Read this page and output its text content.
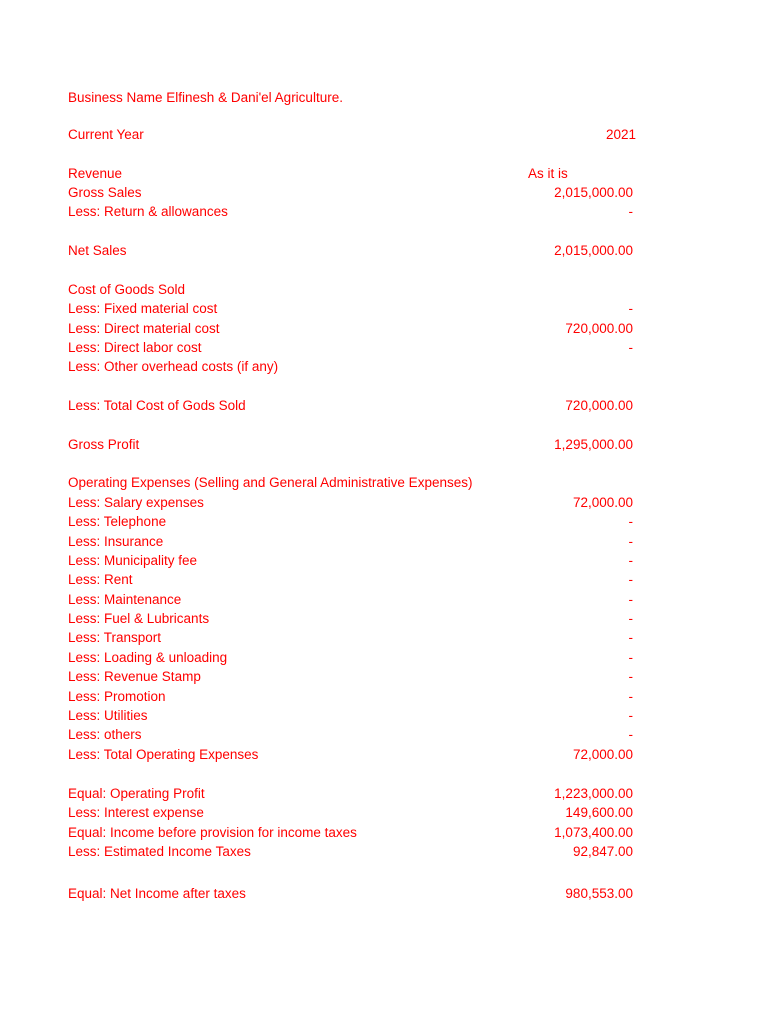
Business Name Elfinesh & Dani'el Agriculture.
Current Year	2021
Revenue	As it is
Gross Sales	2,015,000.00
Less: Return & allowances	-
Net Sales	2,015,000.00
Cost of Goods Sold
Less: Fixed material cost	-
Less: Direct material cost	720,000.00
Less: Direct labor cost	-
Less: Other overhead costs (if any)
Less: Total Cost of Gods Sold	720,000.00
Gross Profit	1,295,000.00
Operating Expenses (Selling and General Administrative Expenses)
Less: Salary expenses	72,000.00
Less: Telephone	-
Less: Insurance	-
Less: Municipality fee	-
Less: Rent	-
Less: Maintenance	-
Less: Fuel & Lubricants	-
Less: Transport	-
Less: Loading & unloading	-
Less: Revenue Stamp	-
Less: Promotion	-
Less: Utilities	-
Less: others	-
Less: Total Operating Expenses	72,000.00
Equal: Operating Profit	1,223,000.00
Less: Interest expense	149,600.00
Equal: Income before provision for income taxes	1,073,400.00
Less: Estimated Income Taxes	92,847.00
Equal: Net Income after taxes	980,553.00
